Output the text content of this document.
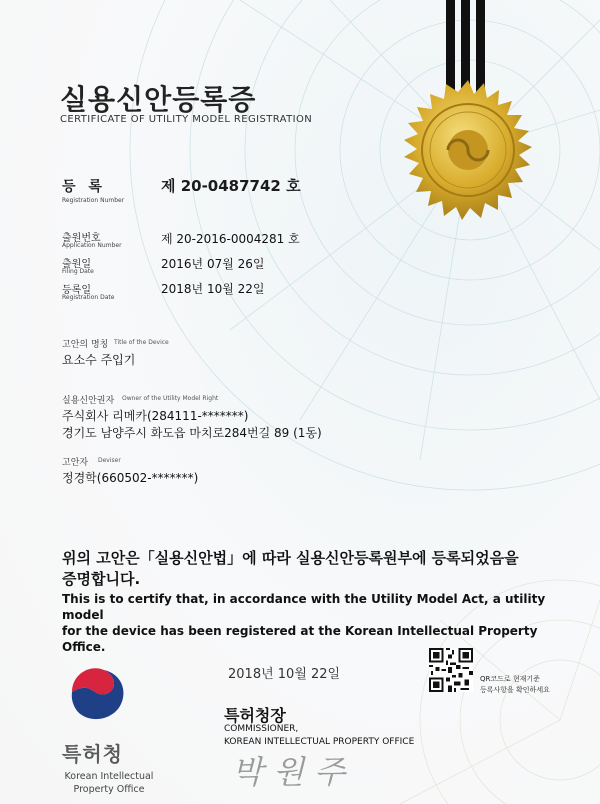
실용신안등록증
CERTIFICATE OF UTILITY MODEL REGISTRATION
등 록
Registration Number
제 20-0487742 호
출원번호
Application Number	제 20-2016-0004281 호
출원일
Filing Date
2016년 07월 26일
등록일
Registration Date
2018년 10월 22일
고안의 명칭 Title of the Device
요소수 주입기
실용신안권자 Owner of the Utility Model Right
주식회사 리메카(284111-*******)
경기도 남양주시 화도읍 마치로284번길 89 (1동)
고안자 Deviser
정경학(660502-*******)
위의 고안은「실용신안법」에 따라 실용신안등록원부에 등록되었음을
증명합니다.
This is to certify that, in accordance with the Utility Model Act, a utility model
for the device has been registered at the Korean Intellectual Property Office.
2018년 10월 22일	QR코드로 현재기준
등록사항을 확인하세요
특허청장
COMMISSIONER,
KOREAN INTELLECTUAL PROPERTY OFFICE
박 원 주
특허청
Korean Intellectual
Property Office
